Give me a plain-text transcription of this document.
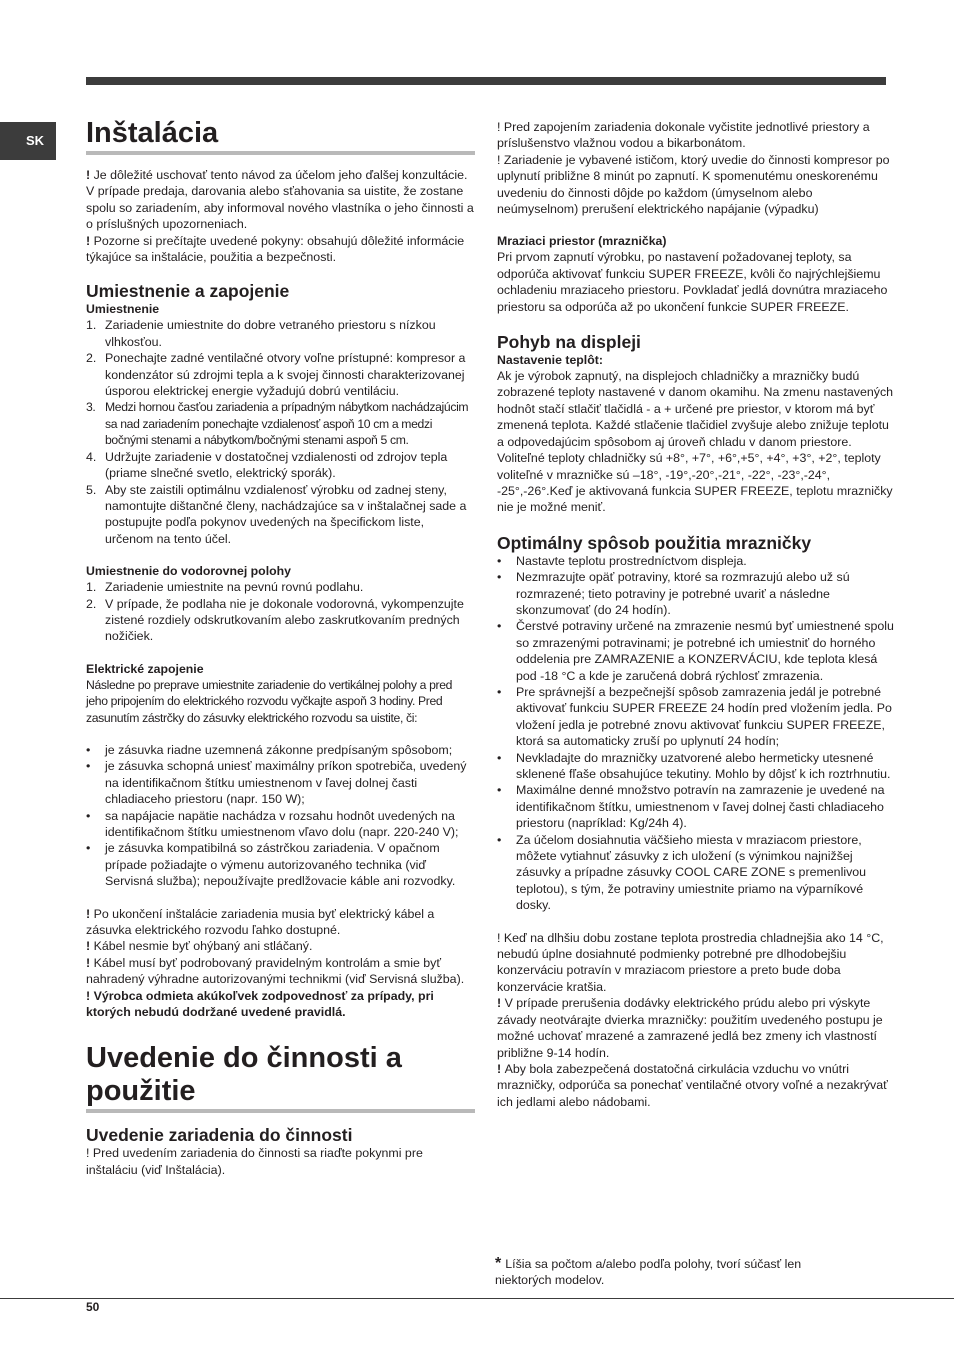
SK	Inštalácia

! Je dôležité uschovať tento návod za účelom jeho ďalšej konzultácie. V prípade predaja, darovania alebo sťahovania sa uistite, že zostane spolu so zariadením, aby informoval nového vlastníka o jeho činnosti a o príslušných upozorneniach.

! Pozorne si prečítajte uvedené pokyny: obsahujú dôležité informácie týkajúce sa inštalácie, použitia a bezpečnosti.

Umiestnenie a zapojenie
Umiestnenie
1. Zariadenie umiestnite do dobre vetraného priestoru s nízkou vlhkosťou.
2. Ponechajte zadné ventilačné otvory voľne prístupné: kompresor a kondenzátor sú zdrojmi tepla a k svojej činnosti charakterizovanej úsporou elektrickej energie vyžadujú dobrú ventiláciu.
3. Medzi hornou časťou zariadenia a prípadným nábytkom nachádzajúcim sa nad zariadením ponechajte vzdialenosť aspoň 10 cm a medzi bočnými stenami a nábytkom/bočnými stenami aspoň 5 cm.
4. Udržujte zariadenie v dostatočnej vzdialenosti od zdrojov tepla (priame slnečné svetlo, elektrický sporák).
5. Aby ste zaistili optimálnu vzdialenosť výrobku od zadnej steny, namontujte dištančné členy, nachádzajúce sa v inštalačnej sade a postupujte podľa pokynov uvedených na špecifickom liste, určenom na tento účel.
Umiestnenie do vodorovnej polohy
1. Zariadenie umiestnite na pevnú rovnú podlahu.
2. V prípade, že podlaha nie je dokonale vodorovná, vykompenzujte zistené rozdiely odskrutkovaním alebo zaskrutkovaním predných nožičiek.
Elektrické zapojenie

Následne po preprave umiestnite zariadenie do vertikálnej polohy a pred jeho pripojením do elektrického rozvodu vyčkajte aspoň 3 hodiny. Pred zasunutím zástrčky do zásuvky elektrického rozvodu sa uistite, či:

• je zásuvka riadne uzemnená zákonne predpísaným spôsobom;
• je zásuvka schopná uniesť maximálny príkon spotrebiča, uvedený na identifikačnom štítku umiestnenom v ľavej dolnej časti chladiaceho priestoru (napr. 150 W);
• sa napájacie napätie nachádza v rozsahu hodnôt uvedených na identifikačnom štítku umiestnenom vľavo dolu (napr. 220-240 V);
• je zásuvka kompatibilná so zástrčkou zariadenia. V opačnom prípade požiadajte o výmenu autorizovaného technika (viď Servisná služba); nepoužívajte predlžovacie káble ani rozvodky.

! Po ukončení inštalácie zariadenia musia byť elektrický kábel a zásuvka elektrického rozvodu ľahko dostupné.

! Kábel nesmie byť ohýbaný ani stláčaný.

! Kábel musí byť podrobovaný pravidelným kontrolám a smie byť nahradený výhradne autorizovanými technikmi (viď Servisná služba).

! Výrobca odmieta akúkoľvek zodpovednosť za prípady, pri ktorých nebudú dodržané uvedené pravidlá.

Uvedenie do činnosti a
použitie
Uvedenie zariadenia do činnosti

! Pred uvedením zariadenia do činnosti sa riaďte pokynmi pre inštaláciu (viď Inštalácia).

! Pred zapojením zariadenia dokonale vyčistite jednotlivé priestory a príslušenstvo vlažnou vodou a bikarbonátom.

! Zariadenie je vybavené ističom, ktorý uvedie do činnosti kompresor po uplynutí približne 8 minút po zapnutí. K spomenutému oneskorenému uvedeniu do činnosti dôjde po každom (úmyselnom alebo neúmyselnom) prerušení elektrického napájanie (výpadku)

Mraziaci priestor (mraznička)

Pri prvom zapnutí výrobku, po nastavení požadovanej teploty, sa odporúča aktivovať funkciu SUPER FREEZE, kvôli čo najrýchlejšiemu ochladeniu mraziaceho priestoru. Povkladať jedlá dovnútra mraziaceho priestoru sa odporúča až po ukončení funkcie SUPER FREEZE.

Pohyb na displeji
Nastavenie teplôt:

Ak je výrobok zapnutý, na displejoch chladničky a mrazničky budú zobrazené teploty nastavené v danom okamihu. Na zmenu nastavených hodnôt stačí stlačiť tlačidlá - a + určené pre priestor, v ktorom má byť zmenená teplota. Každé stlačenie tlačidiel zvyšuje alebo znižuje teplotu a odpovedajúcim spôsobom aj úroveň chladu v danom priestore. Voliteľné teploty chladničky sú +8°, +7°, +6°,+5°, +4°, +3°, +2°, teploty voliteľné v mrazničke sú –18°, -19°,-20°,-21°, -22°, -23°,-24°, -25°,-26°.Keď je aktivovaná funkcia SUPER FREEZE, teplotu mrazničky nie je možné meniť.

Optimálny spôsob použitia mrazničky
• Nastavte teplotu prostredníctvom displeja.
• Nezmrazujte opäť potraviny, ktoré sa rozmrazujú alebo už sú rozmrazené; tieto potraviny je potrebné uvariť a následne skonzumovať (do 24 hodín).
• Čerstvé potraviny určené na zmrazenie nesmú byť umiestnené spolu so zmrazenými potravinami; je potrebné ich umiestniť do horného oddelenia pre ZAMRAZENIE a KONZERVÁCIU, kde teplota klesá pod -18 °C a kde je zaručená dobrá rýchlosť zmrazenia.
• Pre správnejší a bezpečnejší spôsob zamrazenia jedál je potrebné aktivovať funkciu SUPER FREEZE 24 hodín pred vložením jedla. Po vložení jedla je potrebné znovu aktivovať funkciu SUPER FREEZE, ktorá sa automaticky zruší po uplynutí 24 hodín;
• Nevkladajte do mrazničky uzatvorené alebo hermeticky utesnené sklenené fľaše obsahujúce tekutiny. Mohlo by dôjsť k ich roztrhnutiu.
• Maximálne denné množstvo potravín na zamrazenie je uvedené na identifikačnom štítku, umiestnenom v ľavej dolnej časti chladiaceho priestoru (napríklad: Kg/24h 4).
• Za účelom dosiahnutia väčšieho miesta v mraziacom priestore, môžete vytiahnuť zásuvky z ich uložení (s výnimkou najnižšej zásuvky a prípadne zásuvky COOL CARE ZONE s premenlivou teplotou), s tým, že potraviny umiestnite priamo na výparníkové dosky.

! Keď na dlhšiu dobu zostane teplota prostredia chladnejšia ako 14 °C, nebudú úplne dosiahnuté podmienky potrebné pre dlhodobejšiu konzerváciu potravín v mraziacom priestore a preto bude doba konzervácie kratšia.

! V prípade prerušenia dodávky elektrického prúdu alebo pri výskyte závady neotvárajte dvierka mrazničky: použitím uvedeného postupu je možné uchovať mrazené a zamrazené jedlá bez zmeny ich vlastností približne 9-14 hodín.

! Aby bola zabezpečená dostatočná cirkulácia vzduchu vo vnútri mrazničky, odporúča sa ponechať ventilačné otvory voľné a nezakrývať ich jedlami alebo nádobami.

* Líšia sa počtom a/alebo podľa polohy, tvorí súčasť len niektorých modelov.
50
